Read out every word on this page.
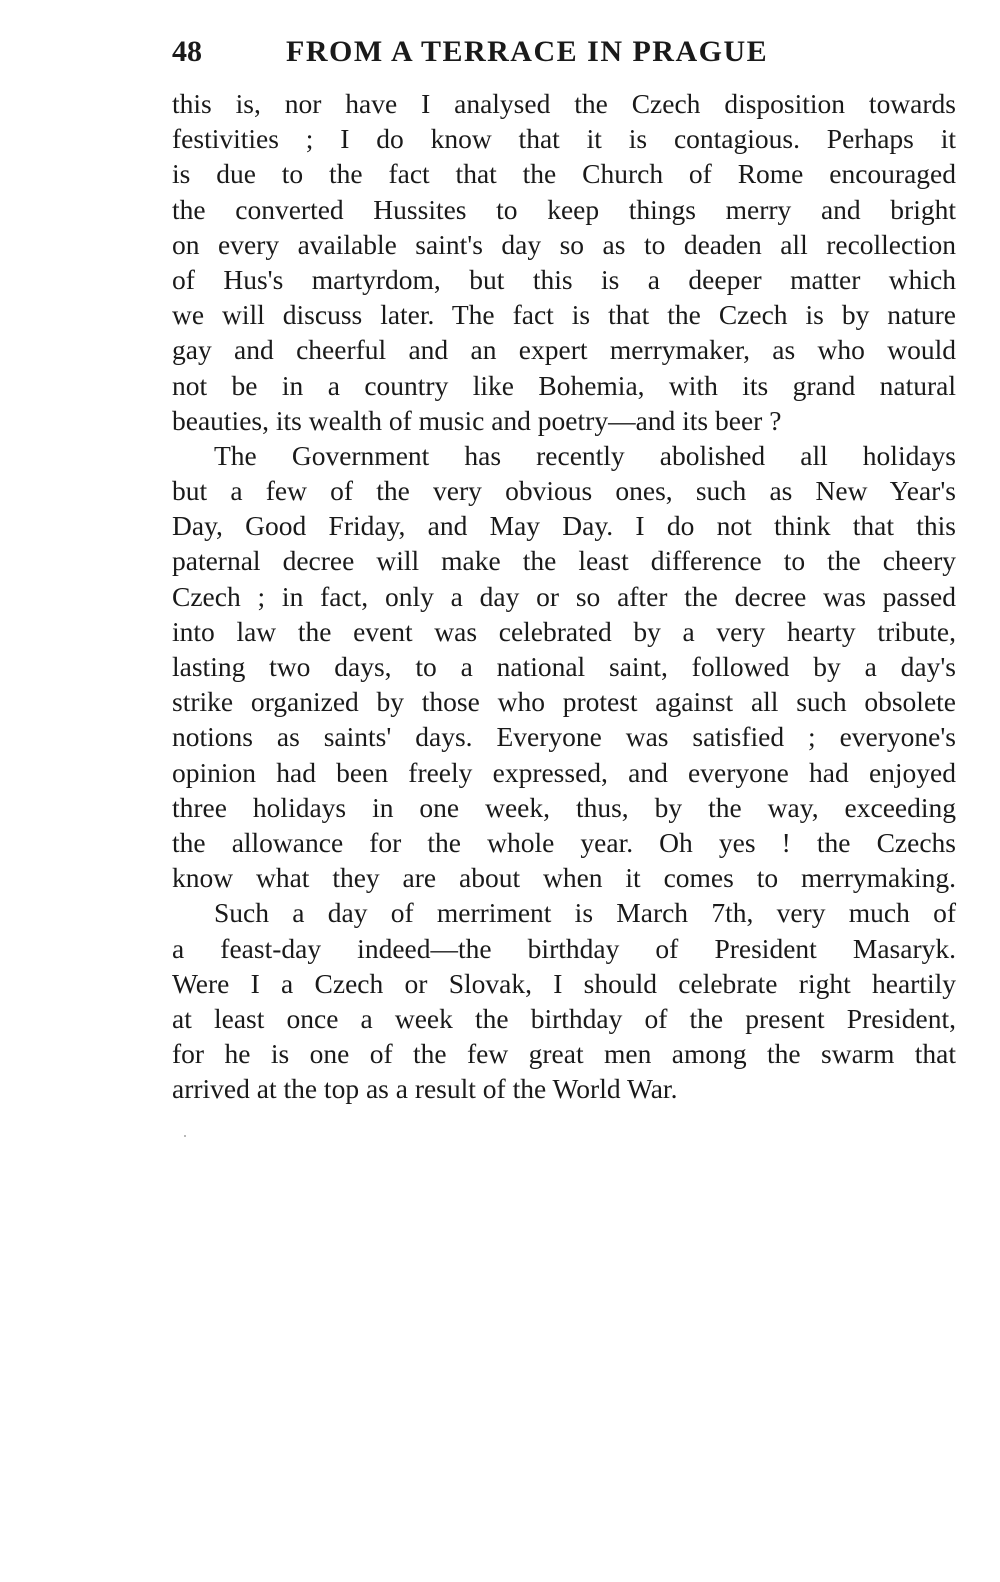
48	FROM A TERRACE IN PRAGUE
this is, nor have I analysed the Czech disposition towards
festivities ; I do know that it is contagious. Perhaps it
is due to the fact that the Church of Rome encouraged
the converted Hussites to keep things merry and bright
on every available saint's day so as to deaden all recollection
of Hus's martyrdom, but this is a deeper matter which
we will discuss later. The fact is that the Czech is by nature
gay and cheerful and an expert merrymaker, as who would
not be in a country like Bohemia, with its grand natural
beauties, its wealth of music and poetry—and its beer ?
The Government has recently abolished all holidays
but a few of the very obvious ones, such as New Year's
Day, Good Friday, and May Day. I do not think that this
paternal decree will make the least difference to the cheery
Czech ; in fact, only a day or so after the decree was passed
into law the event was celebrated by a very hearty tribute,
lasting two days, to a national saint, followed by a day's
strike organized by those who protest against all such obsolete
notions as saints' days. Everyone was satisfied ; everyone's
opinion had been freely expressed, and everyone had enjoyed
three holidays in one week, thus, by the way, exceeding
the allowance for the whole year. Oh yes ! the Czechs
know what they are about when it comes to merrymaking.
Such a day of merriment is March 7th, very much of
a feast-day indeed—the birthday of President Masaryk.
Were I a Czech or Slovak, I should celebrate right heartily
at least once a week the birthday of the present President,
for he is one of the few great men among the swarm that
arrived at the top as a result of the World War.
